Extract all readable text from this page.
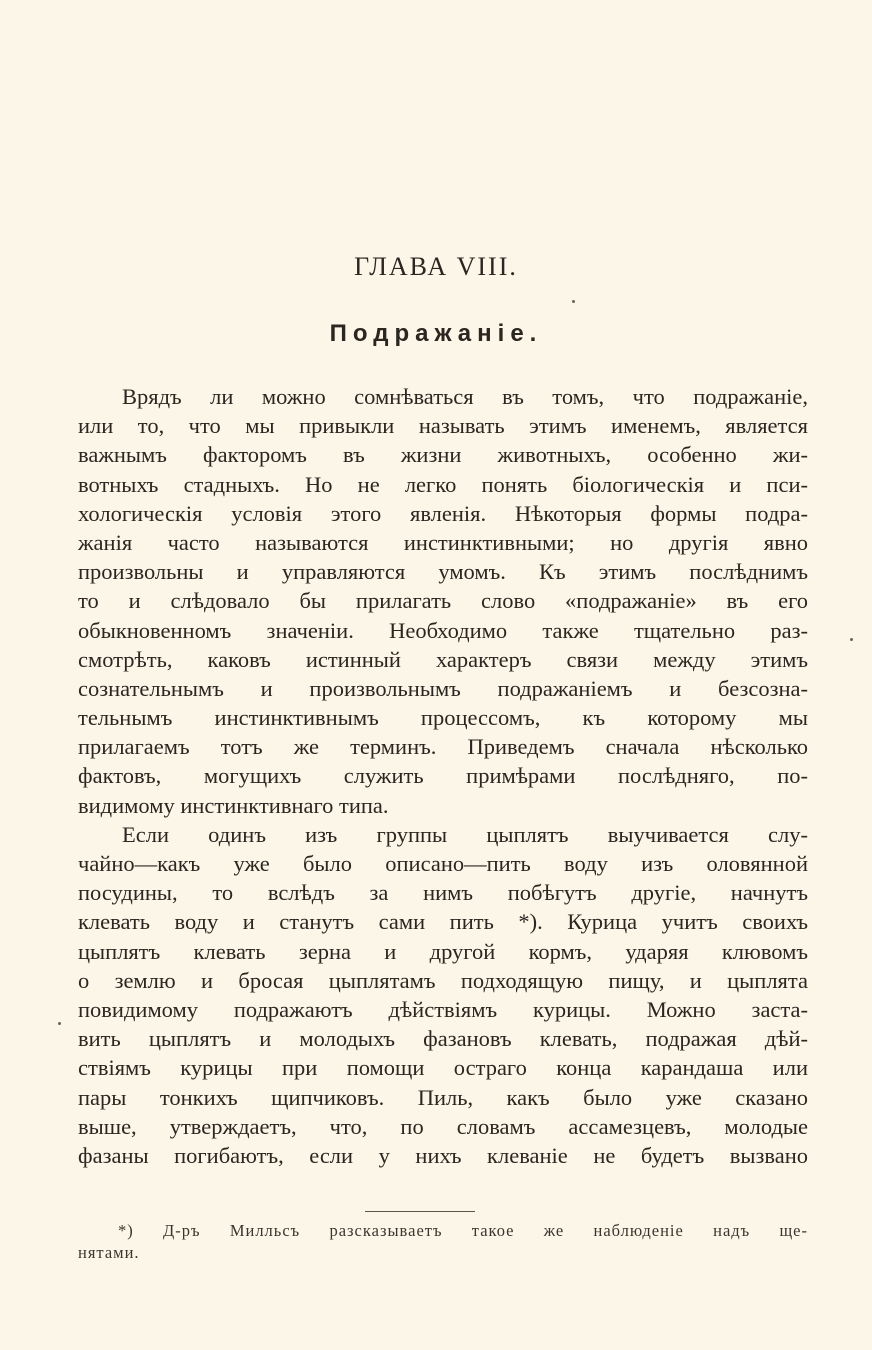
ГЛАВА VIII.
Подражаніе.
Врядъ ли можно сомнѣваться въ томъ, что подражаніе,
или то, что мы привыкли называть этимъ именемъ, является
важнымъ факторомъ въ жизни животныхъ, особенно жи-
вотныхъ стадныхъ. Но не легко понять біологическія и пси-
хологическія условія этого явленія. Нѣкоторыя формы подра-
жанія часто называются инстинктивными; но другія явно
произвольны и управляются умомъ. Къ этимъ послѣднимъ
то и слѣдовало бы прилагать слово «подражаніе» въ его
обыкновенномъ значеніи. Необходимо также тщательно раз-
смотрѣть, каковъ истинный характеръ связи между этимъ
сознательнымъ и произвольнымъ подражаніемъ и безсозна-
тельнымъ инстинктивнымъ процессомъ, къ которому мы
прилагаемъ тотъ же терминъ. Приведемъ сначала нѣсколько
фактовъ, могущихъ служить примѣрами послѣдняго, по-
видимому инстинктивнаго типа.
Если одинъ изъ группы цыплятъ выучивается слу-
чайно—какъ уже было описано—пить воду изъ оловянной
посудины, то вслѣдъ за нимъ побѣгутъ другіе, начнутъ
клевать воду и станутъ сами пить *). Курица учитъ своихъ
цыплятъ клевать зерна и другой кормъ, ударяя клювомъ
о землю и бросая цыплятамъ подходящую пищу, и цыплята
повидимому подражаютъ дѣйствіямъ курицы. Можно заста-
вить цыплятъ и молодыхъ фазановъ клевать, подражая дѣй-
ствіямъ курицы при помощи остраго конца карандаша или
пары тонкихъ щипчиковъ. Пиль, какъ было уже сказано
выше, утверждаетъ, что, по словамъ ассамезцевъ, молодые
фазаны погибаютъ, если у нихъ клеваніе не будетъ вызвано
*) Д-ръ Милльсъ разсказываетъ такое же наблюденіе надъ ще-
нятами.
